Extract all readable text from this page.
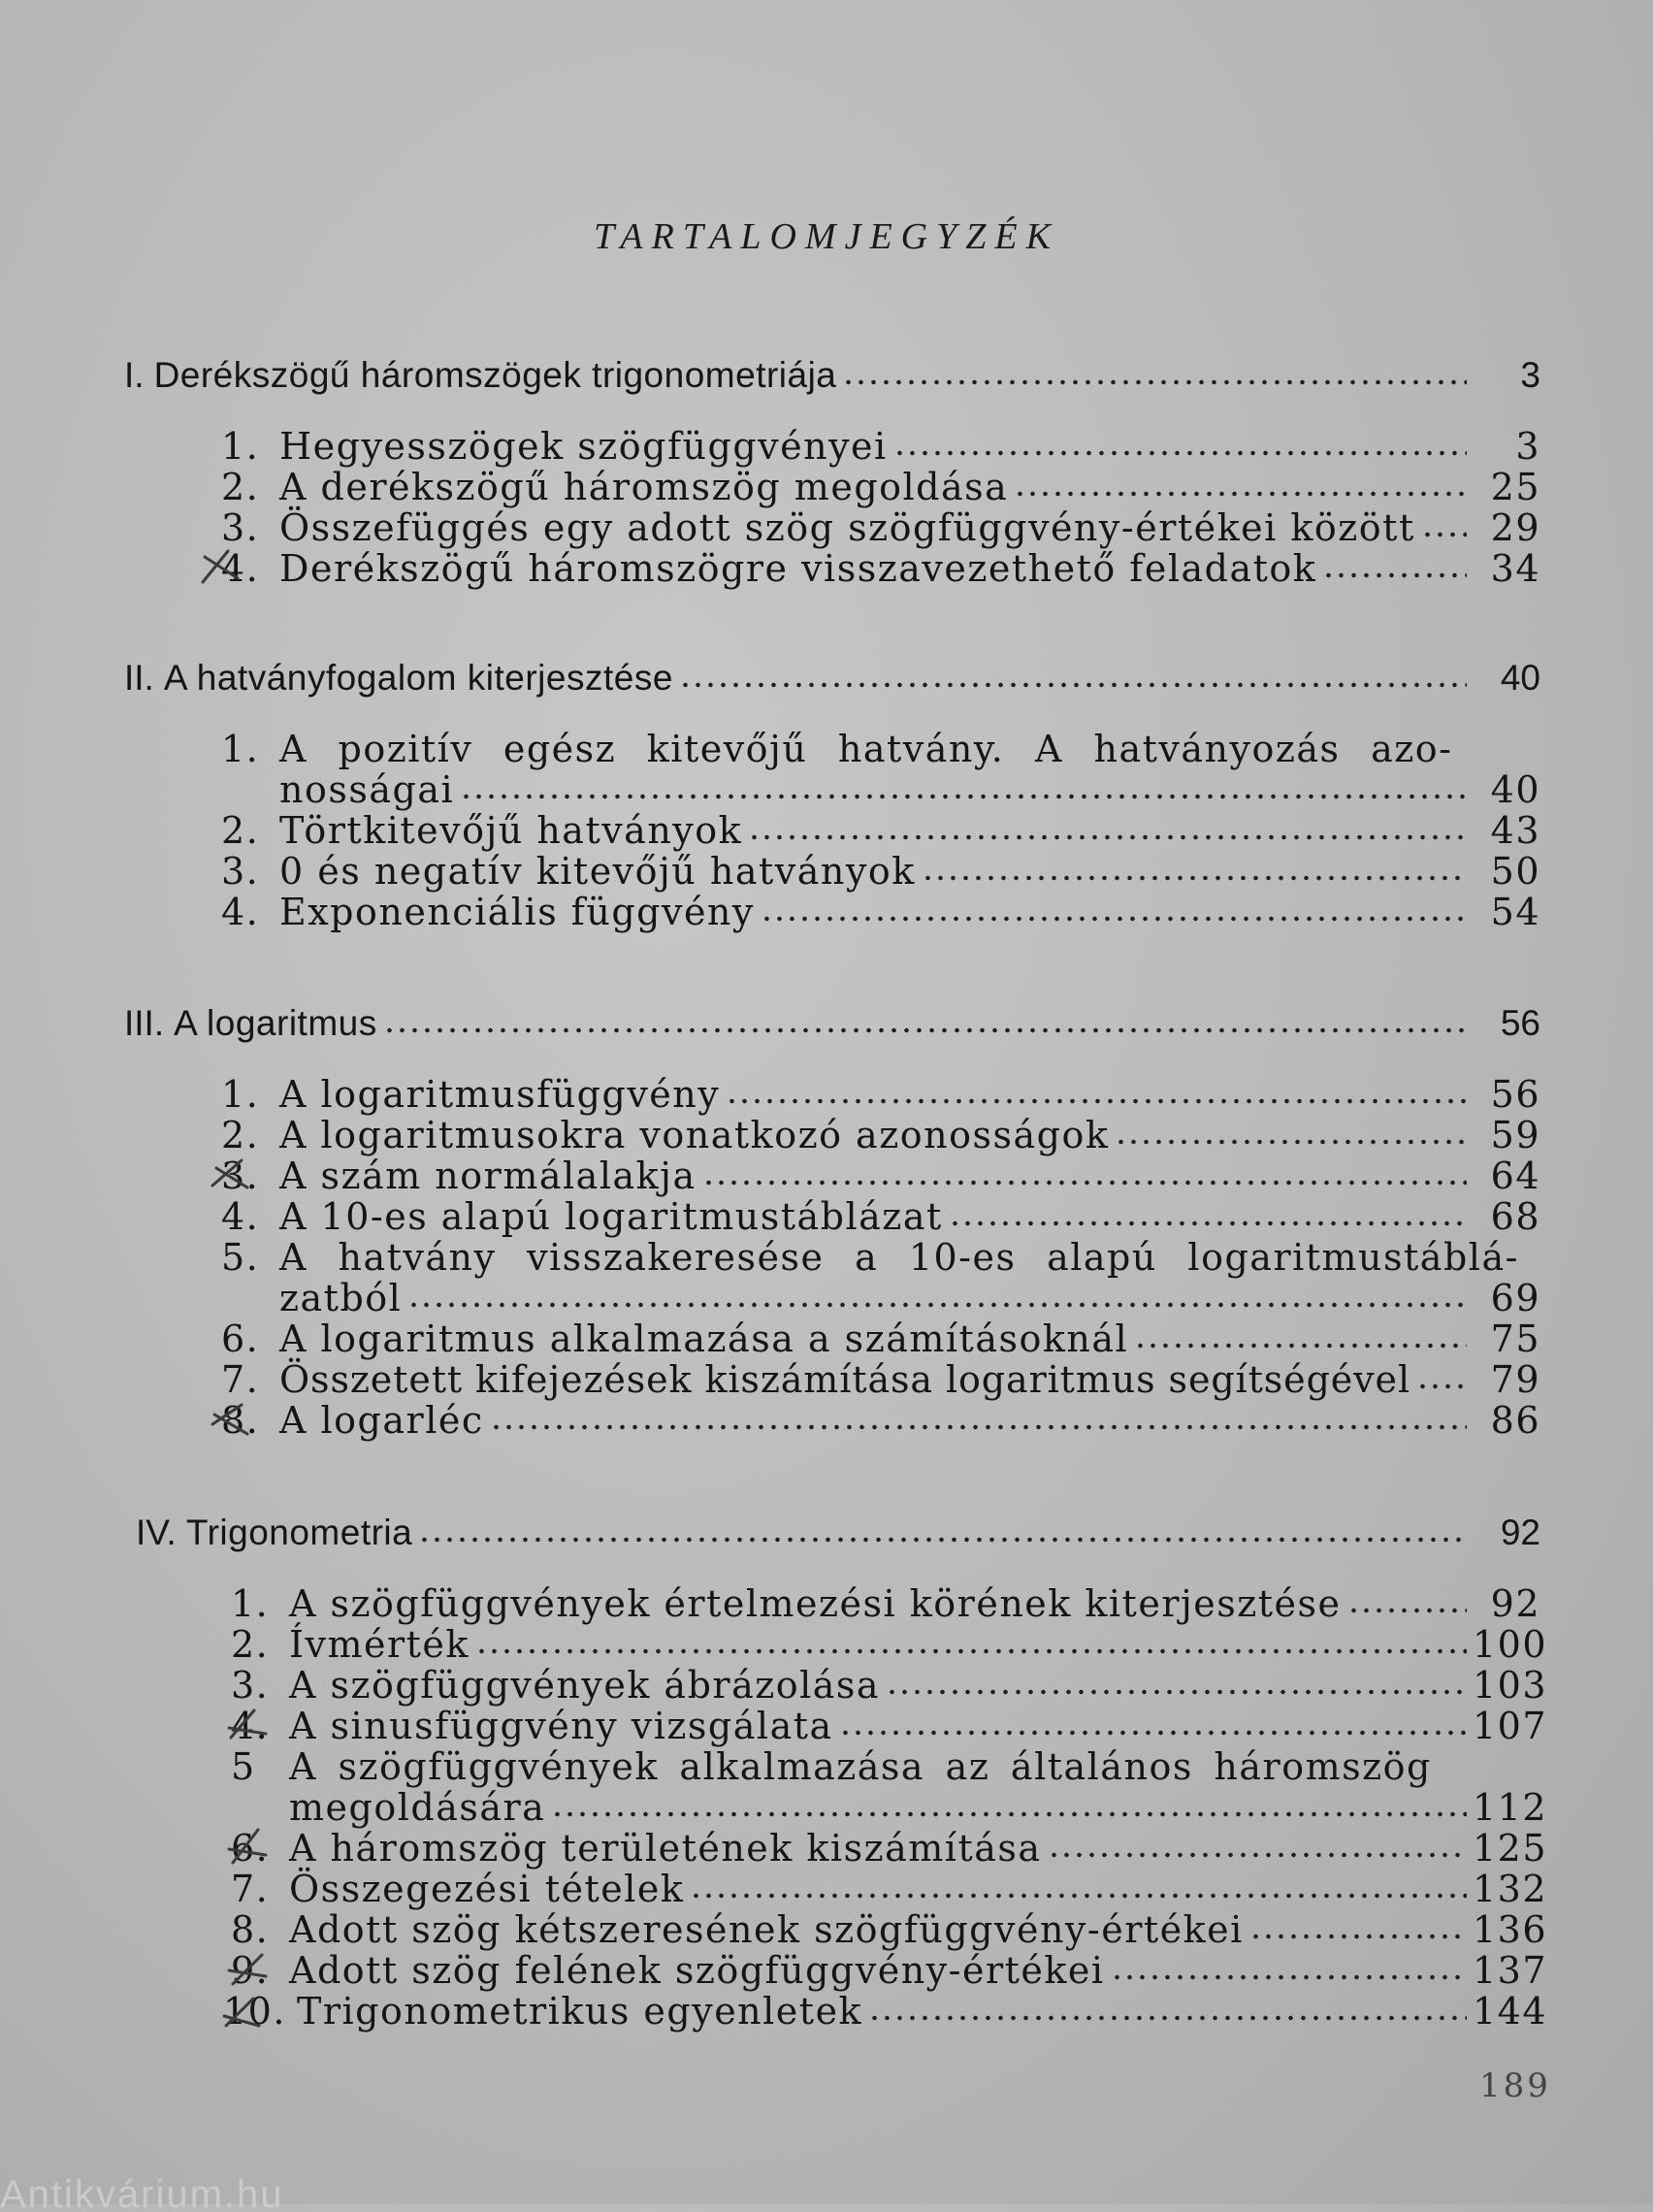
TARTALOMJEGYZÉK
I. Derékszögű háromszögek trigonometriája	3
1. Hegyesszögek szögfüggvényei	3
2. A derékszögű háromszög megoldása	25
3. Összefüggés egy adott szög szögfüggvény-értékei között	29
4. Derékszögű háromszögre visszavezethető feladatok	34
II. A hatványfogalom kiterjesztése	40
1. A pozitív egész kitevőjű hatvány. A hatványozás azo-
nosságai	40
2. Törtkitevőjű hatványok	43
3. 0 és negatív kitevőjű hatványok	50
4. Exponenciális függvény	54
III. A logaritmus	56
1. A logaritmusfüggvény	56
2. A logaritmusokra vonatkozó azonosságok	59
3. A szám normálalakja	64
4. A 10-es alapú logaritmustáblázat	68
5. A hatvány visszakeresése a 10-es alapú logaritmustáblá-
zatból	69
6. A logaritmus alkalmazása a számításoknál	75
7. Összetett kifejezések kiszámítása logaritmus segítségével	79
8. A logarléc	86
IV. Trigonometria	92
1. A szögfüggvények értelmezési körének kiterjesztése	92
2. Ívmérték	100
3. A szögfüggvények ábrázolása	103
4. A sinusfüggvény vizsgálata	107
5 A szögfüggvények alkalmazása az általános háromszög
megoldására	112
6. A háromszög területének kiszámítása	125
7. Összegezési tételek	132
8. Adott szög kétszeresének szögfüggvény-értékei	136
9. Adott szög felének szögfüggvény-értékei	137
10. Trigonometrikus egyenletek	144
189
Antikvárium.hu
